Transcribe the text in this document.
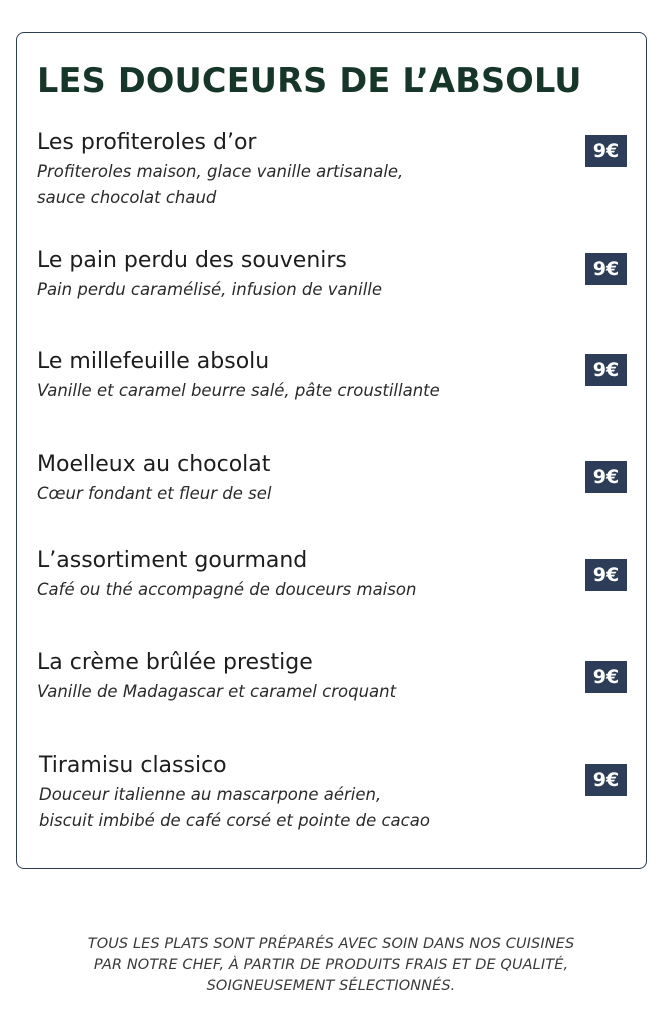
LES DOUCEURS DE L’ABSOLU
Les profiteroles d’or
Profiteroles maison, glace vanille artisanale,
sauce chocolat chaud
9€
Le pain perdu des souvenirs
Pain perdu caramélisé, infusion de vanille
9€
Le millefeuille absolu
Vanille et caramel beurre salé, pâte croustillante
9€
Moelleux au chocolat
Cœur fondant et fleur de sel
9€
L’assortiment gourmand
Café ou thé accompagné de douceurs maison
9€
La crème brûlée prestige
Vanille de Madagascar et caramel croquant
9€
Tiramisu classico
Douceur italienne au mascarpone aérien,
biscuit imbibé de café corsé et pointe de cacao
9€
TOUS LES PLATS SONT PRÉPARÉS AVEC SOIN DANS NOS CUISINES
PAR NOTRE CHEF, À PARTIR DE PRODUITS FRAIS ET DE QUALITÉ,
SOIGNEUSEMENT SÉLECTIONNÉS.
